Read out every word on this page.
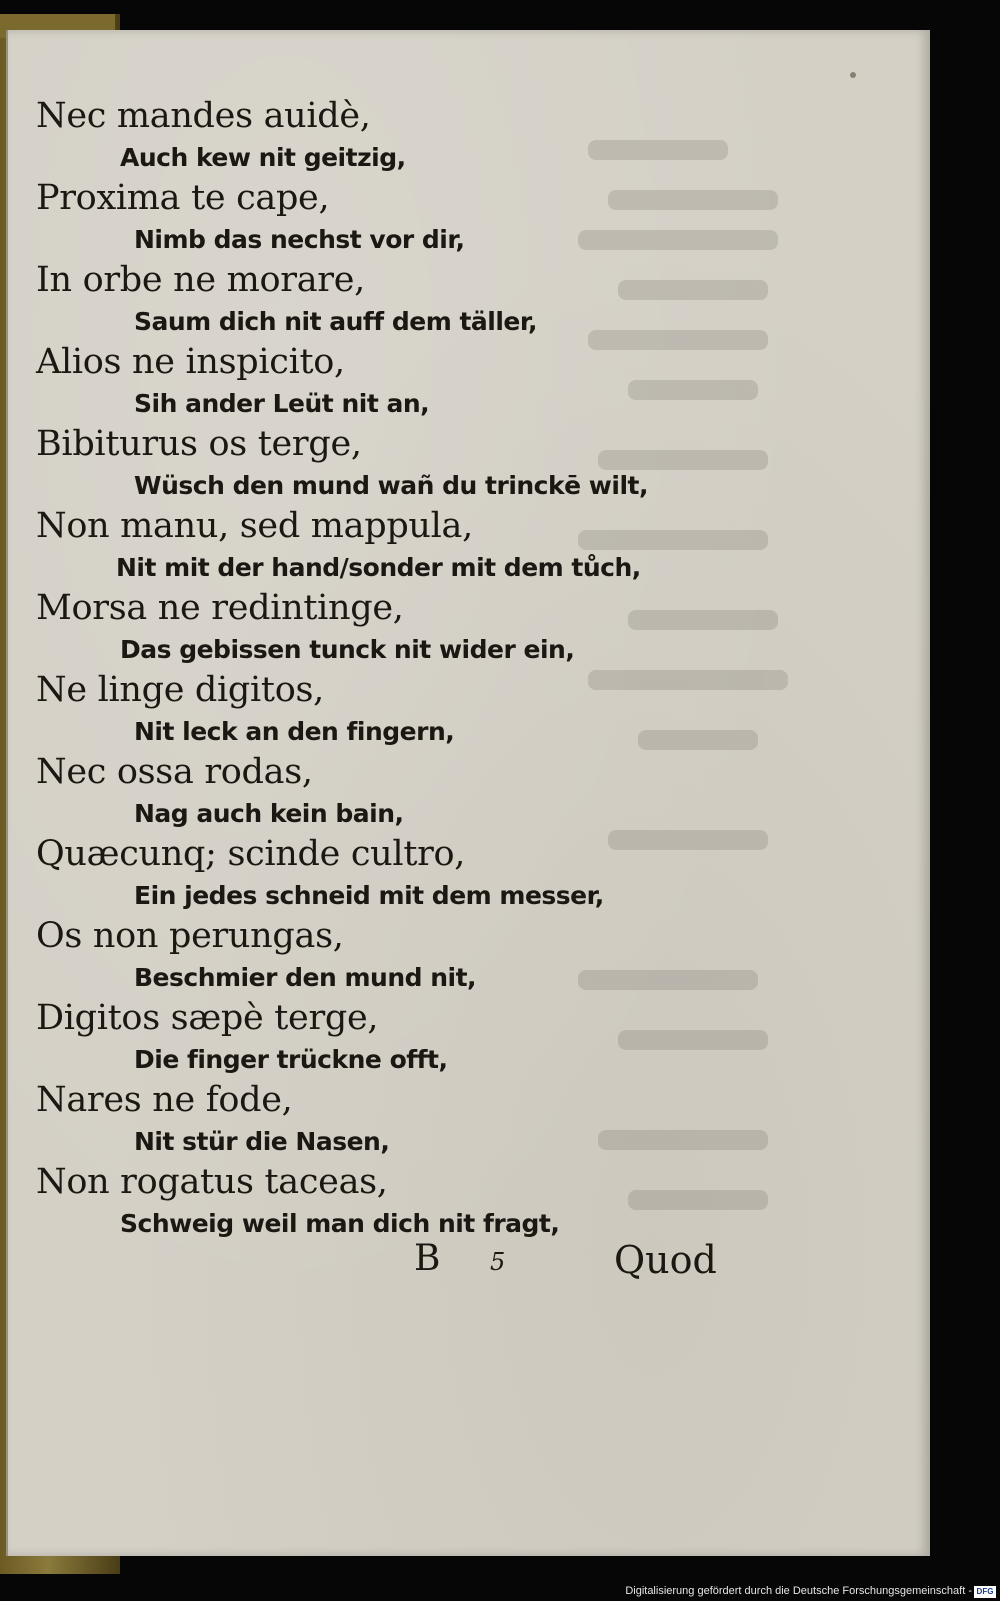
Nec mandes auidè,
Auch kew nit geitzig,
Proxima te cape,
Nimb das nechst vor dir,
In orbe ne morare,
Saum dich nit auff dem täller,
Alios ne inspicito,
Sih ander Leüt nit an,
Bibiturus os terge,
Wüsch den mund wañ du trinckē wilt,
Non manu, sed mappula,
Nit mit der hand/sonder mit dem tůch,
Morsa ne redintinge,
Das gebissen tunck nit wider ein,
Ne linge digitos,
Nit leck an den fingern,
Nec ossa rodas,
Nag auch kein bain,
Quæcunq; scinde cultro,
Ein jedes schneid mit dem messer,
Os non perungas,
Beschmier den mund nit,
Digitos sæpè terge,
Die finger trückne offt,
Nares ne fode,
Nit stür die Nasen,
Non rogatus taceas,
Schweig weil man dich nit fragt,
B 5	Quod
Digitalisierung gefördert durch die Deutsche Forschungsgemeinschaft - DFG
